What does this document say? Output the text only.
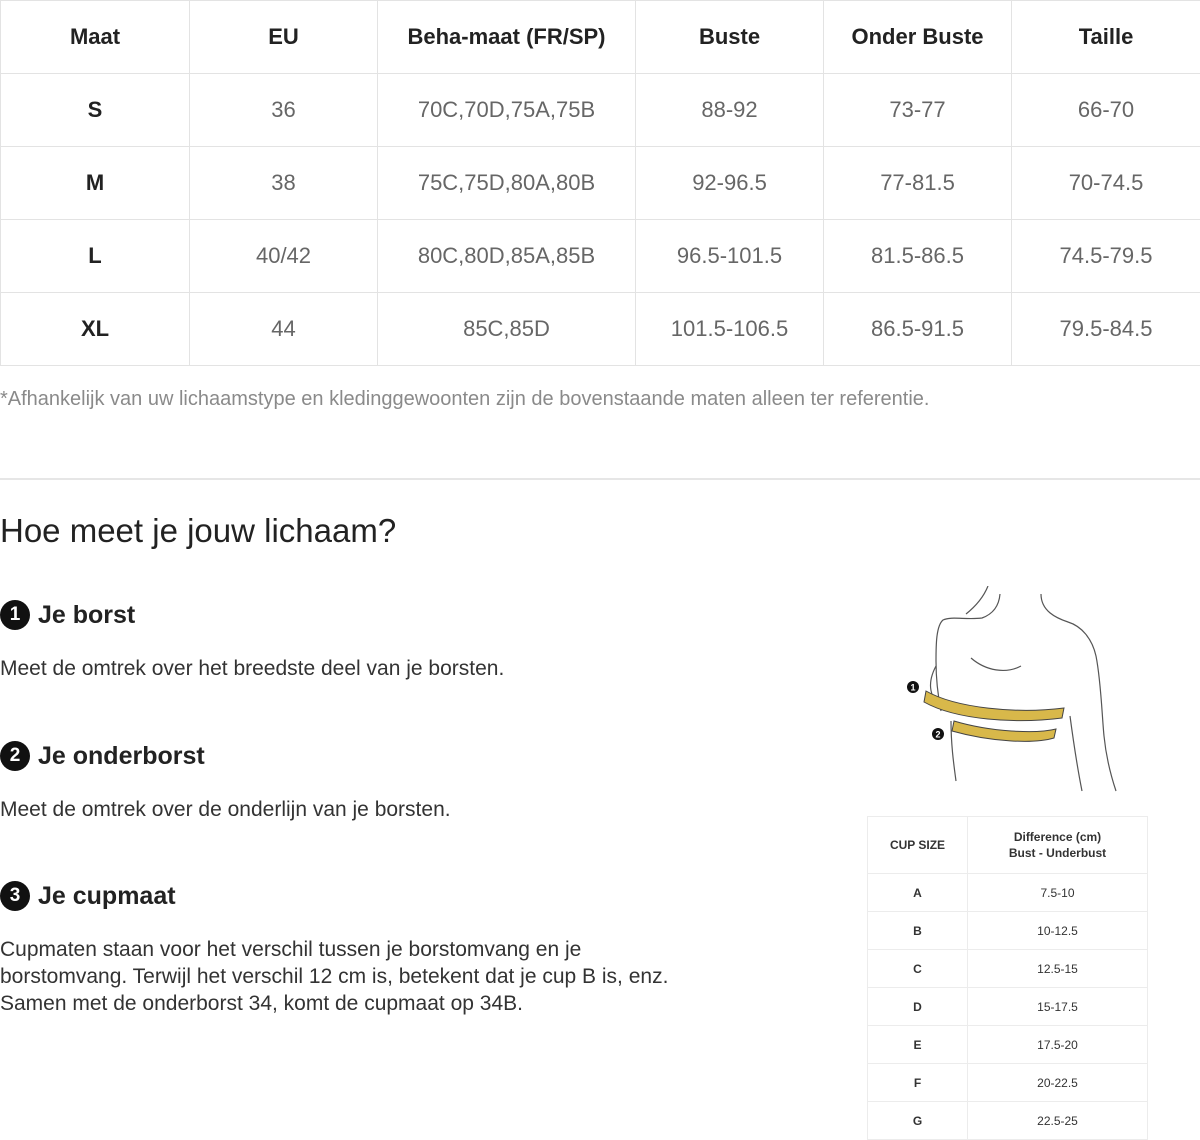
Maat	EU	Beha-maat (FR/SP)	Buste	Onder Buste	Taille
S	36	70C,70D,75A,75B	88-92	73-77	66-70
M	38	75C,75D,80A,80B	92-96.5	77-81.5	70-74.5
L	40/42	80C,80D,85A,85B	96.5-101.5	81.5-86.5	74.5-79.5
XL	44	85C,85D	101.5-106.5	86.5-91.5	79.5-84.5
*Afhankelijk van uw lichaamstype en kledinggewoonten zijn de bovenstaande maten alleen ter referentie.
Hoe meet je jouw lichaam?
1 Je borst
Meet de omtrek over het breedste deel van je borsten.
2 Je onderborst
Meet de omtrek over de onderlijn van je borsten.
3 Je cupmaat
Cupmaten staan voor het verschil tussen je borstomvang en je
borstomvang. Terwijl het verschil 12 cm is, betekent dat je cup B is, enz.
Samen met de onderborst 34, komt de cupmaat op 34B.
1
2
CUP SIZE	Difference (cm)
Bust - Underbust

A	7.5-10
B	10-12.5
C	12.5-15
D	15-17.5
E	17.5-20
F	20-22.5
G	22.5-25
